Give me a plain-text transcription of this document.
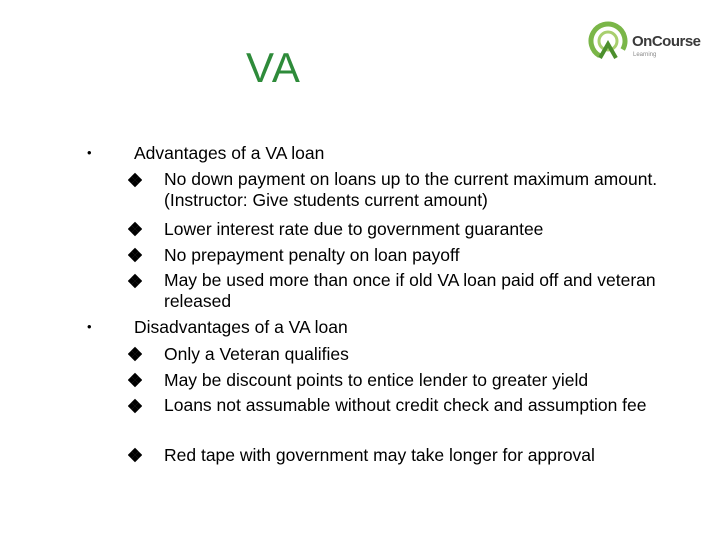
VA
OnCourse
Learning
• Advantages of a VA loan
No down payment on loans up to the current maximum amount. (Instructor: Give students current amount)
Lower interest rate due to government guarantee
No prepayment penalty on loan payoff
May be used more than once if old VA loan paid off and veteran released
• Disadvantages of a VA loan
Only a Veteran qualifies
May be discount points to entice lender to greater yield
Loans not assumable without credit check and assumption fee
Red tape with government may take longer for approval
